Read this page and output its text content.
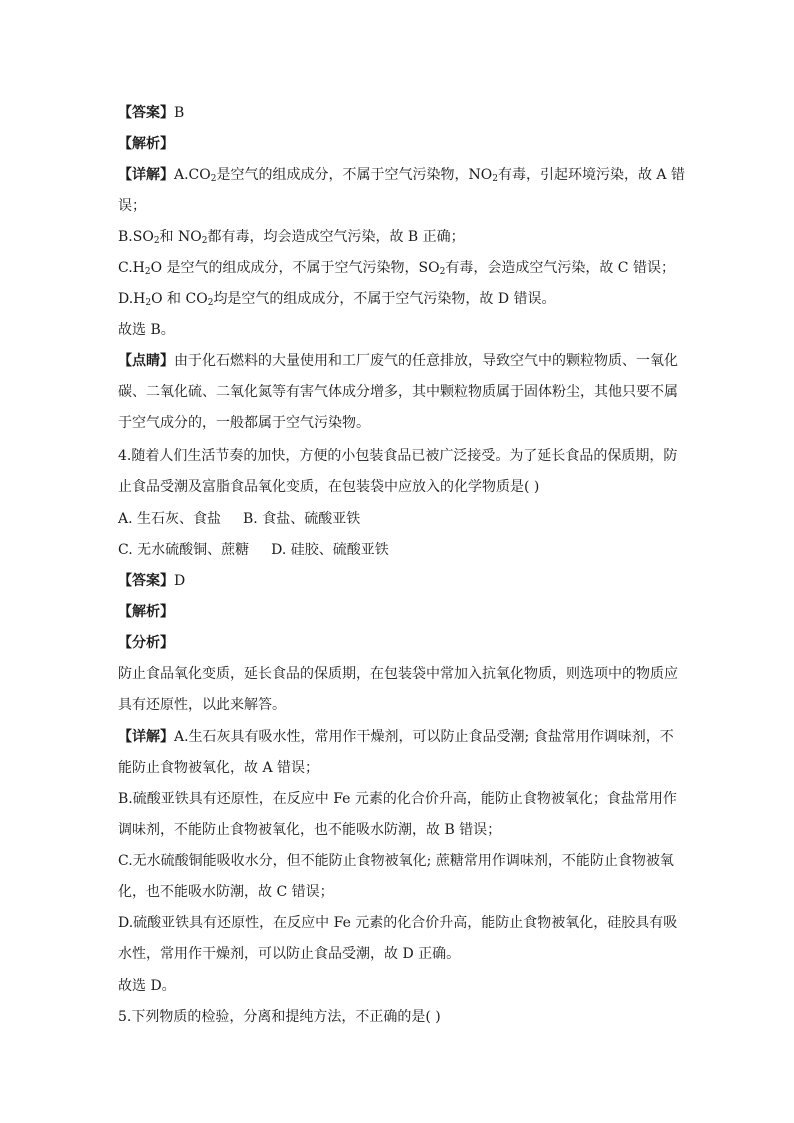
【答案】B
【解析】
【详解】$A.CO_2$是空气的组成成分，不属于空气污染物，$NO_2$有毒，引起环境污染，故 A 错
误；
$B.SO_2$和 $NO_2$都有毒，均会造成空气污染，故 B 正确；
$C.H_2O$ 是空气的组成成分，不属于空气污染物，$SO_2$有毒，会造成空气污染，故 C 错误；
$D.H_2O$ 和 $CO_2$均是空气的组成成分，不属于空气污染物，故 D 错误。
故选 B。
【点睛】由于化石燃料的大量使用和工厂废气的任意排放，导致空气中的颗粒物质、一氧化
碳、二氧化硫、二氧化氮等有害气体成分增多，其中颗粒物质属于固体粉尘，其他只要不属
于空气成分的，一般都属于空气污染物。
4.随着人们生活节奏的加快，方便的小包装食品已被广泛接受。为了延长食品的保质期，防
止食品受潮及富脂食品氧化变质，在包装袋中应放入的化学物质是( )
A. 生石灰、食盐 B. 食盐、硫酸亚铁
C. 无水硫酸铜、蔗糖 D. 硅胶、硫酸亚铁
【答案】D
【解析】
【分析】
防止食品氧化变质，延长食品的保质期，在包装袋中常加入抗氧化物质，则选项中的物质应
具有还原性，以此来解答。
【详解】A.生石灰具有吸水性，常用作干燥剂，可以防止食品受潮; 食盐常用作调味剂，不
能防止食物被氧化，故 A 错误；
B.硫酸亚铁具有还原性，在反应中 Fe 元素的化合价升高，能防止食物被氧化；食盐常用作
调味剂，不能防止食物被氧化，也不能吸水防潮，故 B 错误；
C.无水硫酸铜能吸收水分，但不能防止食物被氧化; 蔗糖常用作调味剂，不能防止食物被氧
化，也不能吸水防潮，故 C 错误；
D.硫酸亚铁具有还原性，在反应中 Fe 元素的化合价升高，能防止食物被氧化，硅胶具有吸
水性，常用作干燥剂，可以防止食品受潮，故 D 正确。
故选 D。
5.下列物质的检验，分离和提纯方法，不正确的是( )
